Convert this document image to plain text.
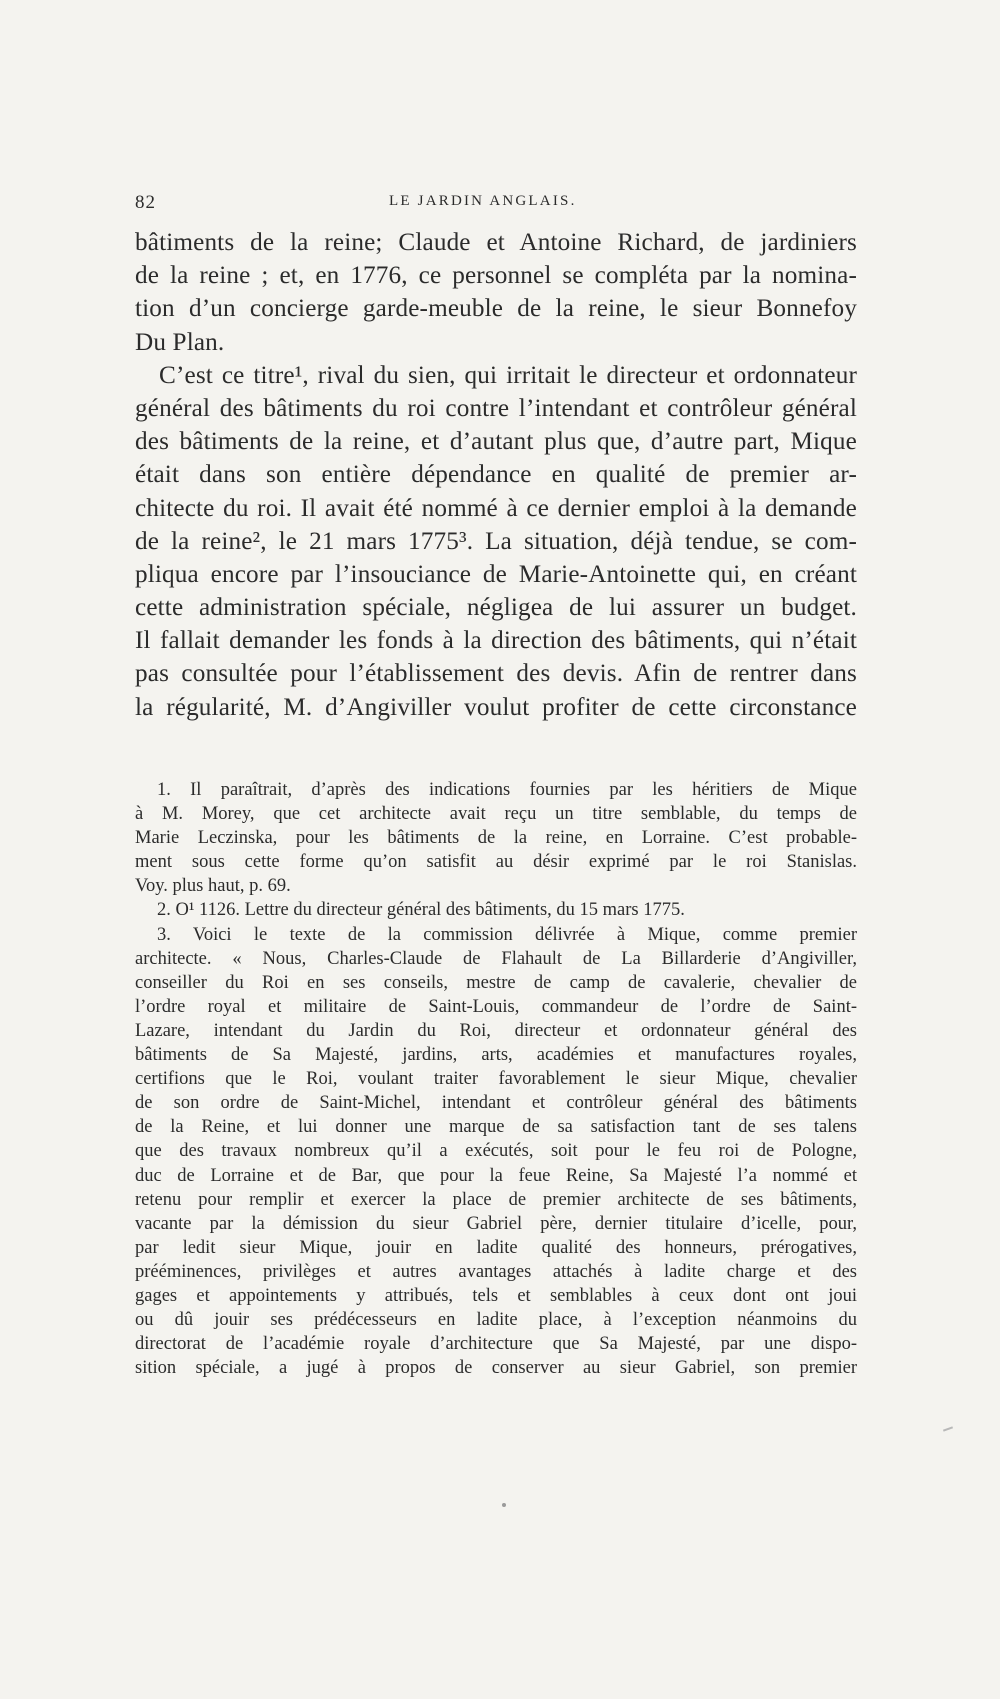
82	LE JARDIN ANGLAIS.
bâtiments de la reine; Claude et Antoine Richard, de jardiniers
de la reine ; et, en 1776, ce personnel se compléta par la nomina-
tion d’un concierge garde-meuble de la reine, le sieur Bonnefoy
Du Plan.
C’est ce titre¹, rival du sien, qui irritait le directeur et ordonnateur
général des bâtiments du roi contre l’intendant et contrôleur général
des bâtiments de la reine, et d’autant plus que, d’autre part, Mique
était dans son entière dépendance en qualité de premier ar-
chitecte du roi. Il avait été nommé à ce dernier emploi à la demande
de la reine², le 21 mars 1775³. La situation, déjà tendue, se com-
pliqua encore par l’insouciance de Marie-Antoinette qui, en créant
cette administration spéciale, négligea de lui assurer un budget.
Il fallait demander les fonds à la direction des bâtiments, qui n’était
pas consultée pour l’établissement des devis. Afin de rentrer dans
la régularité, M. d’Angiviller voulut profiter de cette circonstance
1. Il paraîtrait, d’après des indications fournies par les héritiers de Mique
à M. Morey, que cet architecte avait reçu un titre semblable, du temps de
Marie Leczinska, pour les bâtiments de la reine, en Lorraine. C’est probable-
ment sous cette forme qu’on satisfit au désir exprimé par le roi Stanislas.
Voy. plus haut, p. 69.
2. O¹ 1126. Lettre du directeur général des bâtiments, du 15 mars 1775.
3. Voici le texte de la commission délivrée à Mique, comme premier
architecte. « Nous, Charles-Claude de Flahault de La Billarderie d’Angiviller,
conseiller du Roi en ses conseils, mestre de camp de cavalerie, chevalier de
l’ordre royal et militaire de Saint-Louis, commandeur de l’ordre de Saint-
Lazare, intendant du Jardin du Roi, directeur et ordonnateur général des
bâtiments de Sa Majesté, jardins, arts, académies et manufactures royales,
certifions que le Roi, voulant traiter favorablement le sieur Mique, chevalier
de son ordre de Saint-Michel, intendant et contrôleur général des bâtiments
de la Reine, et lui donner une marque de sa satisfaction tant de ses talens
que des travaux nombreux qu’il a exécutés, soit pour le feu roi de Pologne,
duc de Lorraine et de Bar, que pour la feue Reine, Sa Majesté l’a nommé et
retenu pour remplir et exercer la place de premier architecte de ses bâtiments,
vacante par la démission du sieur Gabriel père, dernier titulaire d’icelle, pour,
par ledit sieur Mique, jouir en ladite qualité des honneurs, prérogatives,
prééminences, privilèges et autres avantages attachés à ladite charge et des
gages et appointements y attribués, tels et semblables à ceux dont ont joui
ou dû jouir ses prédécesseurs en ladite place, à l’exception néanmoins du
directorat de l’académie royale d’architecture que Sa Majesté, par une dispo-
sition spéciale, a jugé à propos de conserver au sieur Gabriel, son premier
